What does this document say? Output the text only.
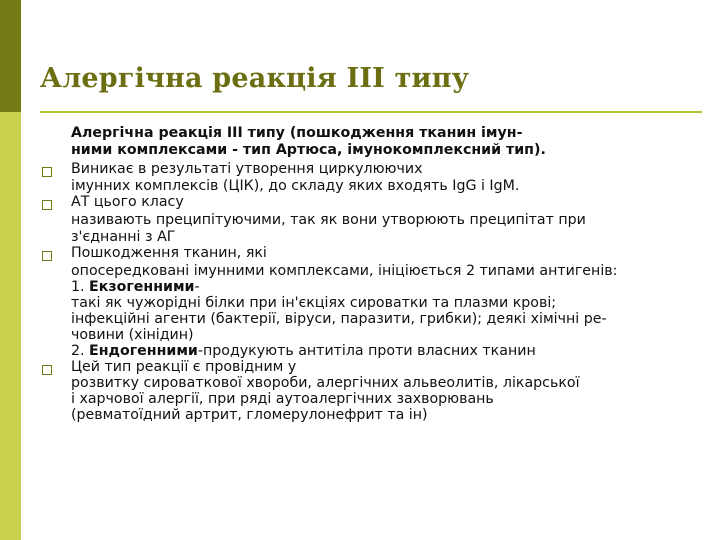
Алергічна реакція III типу
Алергічна реакція III типу (пошкодження тканин імун-
ними комплексами - тип Артюса, імунокомплексний тип).
Виникає в результаті утворення циркулюючих
імунних комплексів (ЦІК), до складу яких входять IgG і IgM.
АТ цього класу
називають преципітуючими, так як вони утворюють преципітат при
з'єднанні з АГ
Пошкодження тканин, які
опосередковані імунними комплексами, ініціюється 2 типами антигенів:
1. Екзогенними-
такі як чужорідні білки при ін'єкціях сироватки та плазми крові;
інфекційні агенти (бактерії, віруси, паразити, грибки); деякі хімічні ре-
човини (хінідин)
2. Ендогенними-продукують антитіла проти власних тканин
Цей тип реакції є провідним у
розвитку сироваткової хвороби, алергічних альвеолитів, лікарської
і харчової алергії, при ряді аутоалергічних захворювань
(ревматоїдний артрит, гломерулонефрит та ін)
